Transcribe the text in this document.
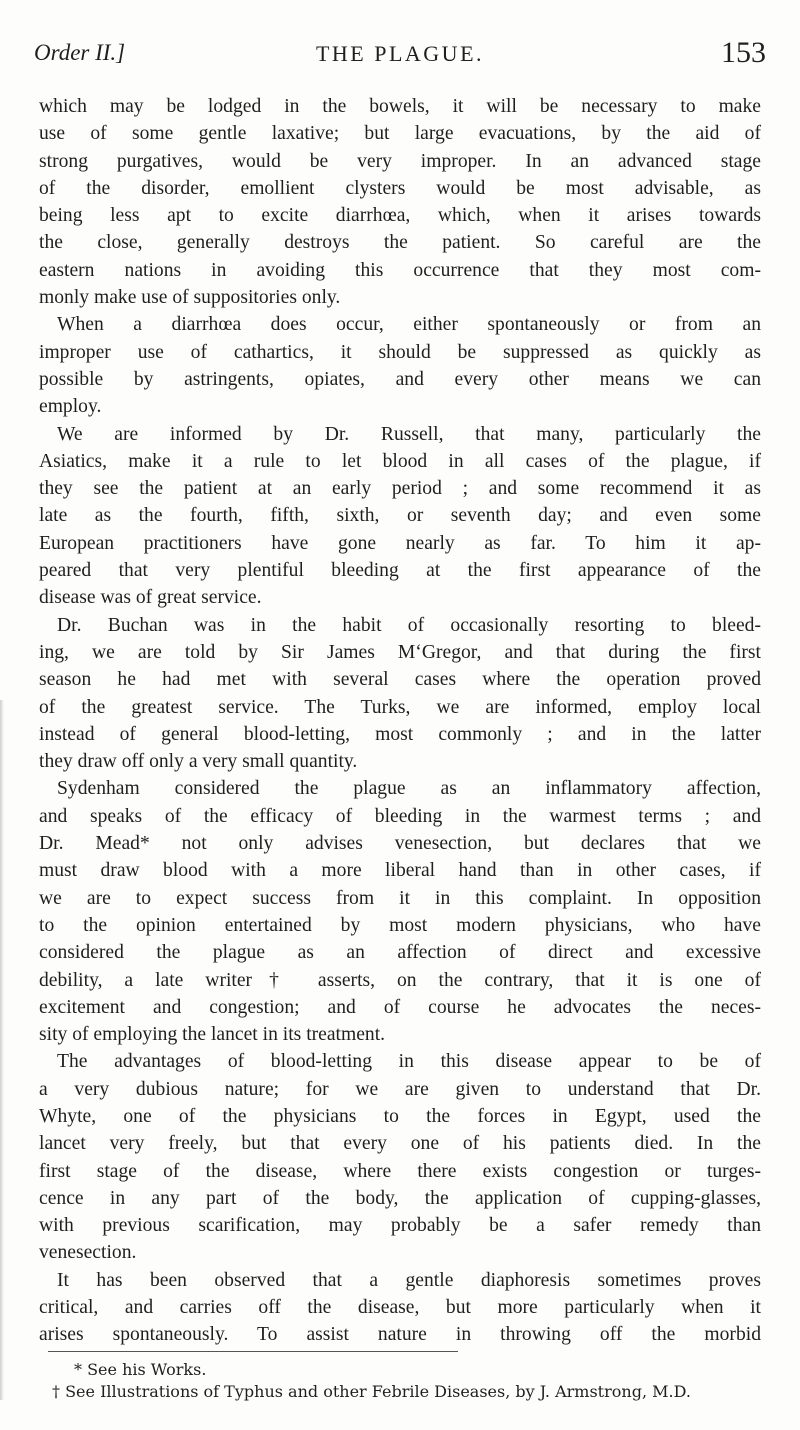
Order II.]	THE PLAGUE.	153
which may be lodged in the bowels, it will be necessary to make
use of some gentle laxative; but large evacuations, by the aid of
strong purgatives, would be very improper. In an advanced stage
of the disorder, emollient clysters would be most advisable, as
being less apt to excite diarrhœa, which, when it arises towards
the close, generally destroys the patient. So careful are the
eastern nations in avoiding this occurrence that they most com-
monly make use of suppositories only.
When a diarrhœa does occur, either spontaneously or from an
improper use of cathartics, it should be suppressed as quickly as
possible by astringents, opiates, and every other means we can
employ.
We are informed by Dr. Russell, that many, particularly the
Asiatics, make it a rule to let blood in all cases of the plague, if
they see the patient at an early period ; and some recommend it as
late as the fourth, fifth, sixth, or seventh day; and even some
European practitioners have gone nearly as far. To him it ap-
peared that very plentiful bleeding at the first appearance of the
disease was of great service.
Dr. Buchan was in the habit of occasionally resorting to bleed-
ing, we are told by Sir James M‘Gregor, and that during the first
season he had met with several cases where the operation proved
of the greatest service. The Turks, we are informed, employ local
instead of general blood-letting, most commonly ; and in the latter
they draw off only a very small quantity.
Sydenham considered the plague as an inflammatory affection,
and speaks of the efficacy of bleeding in the warmest terms ; and
Dr. Mead* not only advises venesection, but declares that we
must draw blood with a more liberal hand than in other cases, if
we are to expect success from it in this complaint. In opposition
to the opinion entertained by most modern physicians, who have
considered the plague as an affection of direct and excessive
debility, a late writer† asserts, on the contrary, that it is one of
excitement and congestion; and of course he advocates the neces-
sity of employing the lancet in its treatment.
The advantages of blood-letting in this disease appear to be of
a very dubious nature; for we are given to understand that Dr.
Whyte, one of the physicians to the forces in Egypt, used the
lancet very freely, but that every one of his patients died. In the
first stage of the disease, where there exists congestion or turges-
cence in any part of the body, the application of cupping-glasses,
with previous scarification, may probably be a safer remedy than
venesection.
It has been observed that a gentle diaphoresis sometimes proves
critical, and carries off the disease, but more particularly when it
arises spontaneously. To assist nature in throwing off the morbid
* See his Works.
† See Illustrations of Typhus and other Febrile Diseases, by J. Armstrong, M.D.
